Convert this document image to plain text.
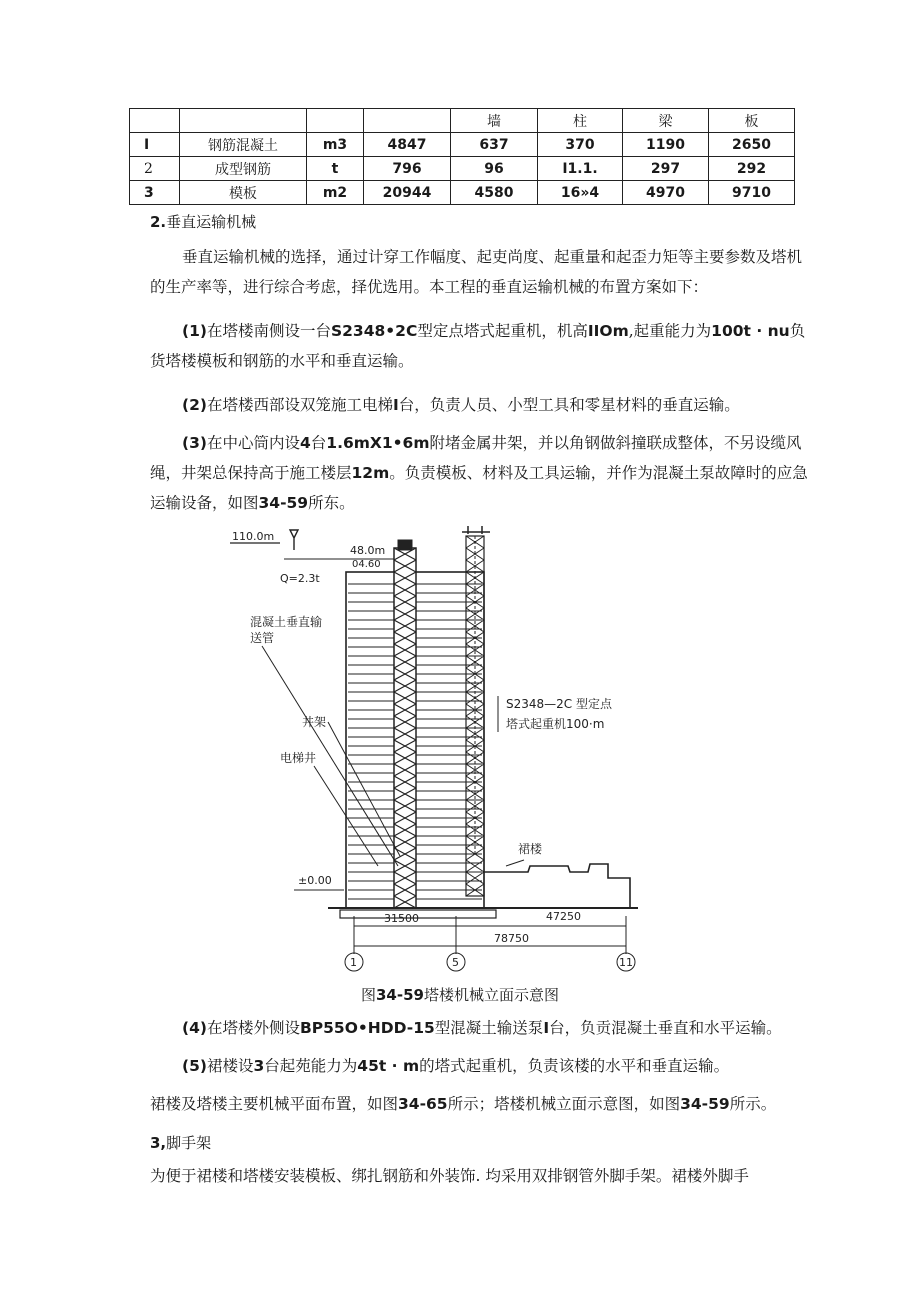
				墙	柱	梁	板
I	钢筋混凝土	m3	4847	637	370	1190	2650
2	成型钢筋	t	796	96	I1.1.	297	292
3	模板	m2	20944	4580	16»4	4970	9710
2.垂直运输机械
垂直运输机械的选择，通过计穿工作幅度、起吏尚度、起重量和起歪力矩等主要参数及塔机的生产率等，进行综合考虑，择优选用。本工程的垂直运输机械的布置方案如下：
(1)在塔楼南侧设一台S2348•2C型定点塔式起重机，机高IIOm,起重能力为100t · nu负货塔楼模板和钢筋的水平和垂直运输。
(2)在塔楼西部设双笼施工电梯I台，负责人员、小型工具和零星材料的垂直运输。
(3)在中心筒内设4台1.6mX1•6m附堵金属井架，并以角钢做斜撞联成整体，不另设缆风绳，井架总保持高于施工楼层12m。负责模板、材料及工具运输，并作为混凝土泵故障时的应急运输设备，如图34-59所东。
110.0m
48.0m
04.60
Q=2.3t
混凝土垂直输
送管
井架
电梯井
S2348—2C 型定点
塔式起重机100·m
裙楼
±0.00
31500	47250
78750
1	5	11
图34-59塔楼机械立面示意图
(4)在塔楼外侧设BP55O•HDD-15型混凝土输送泵I台，负贡混凝土垂直和水平运输。
(5)裙楼设3台起苑能力为45t · m的塔式起重机，负责该楼的水平和垂直运输。
裙楼及塔楼主要机械平面布置，如图34-65所示；塔楼机械立面示意图，如图34-59所示。
3,脚手架
为便于裙楼和塔楼安装模板、绑扎钢筋和外装饰. 均采用双排钢管外脚手架。裙楼外脚手
